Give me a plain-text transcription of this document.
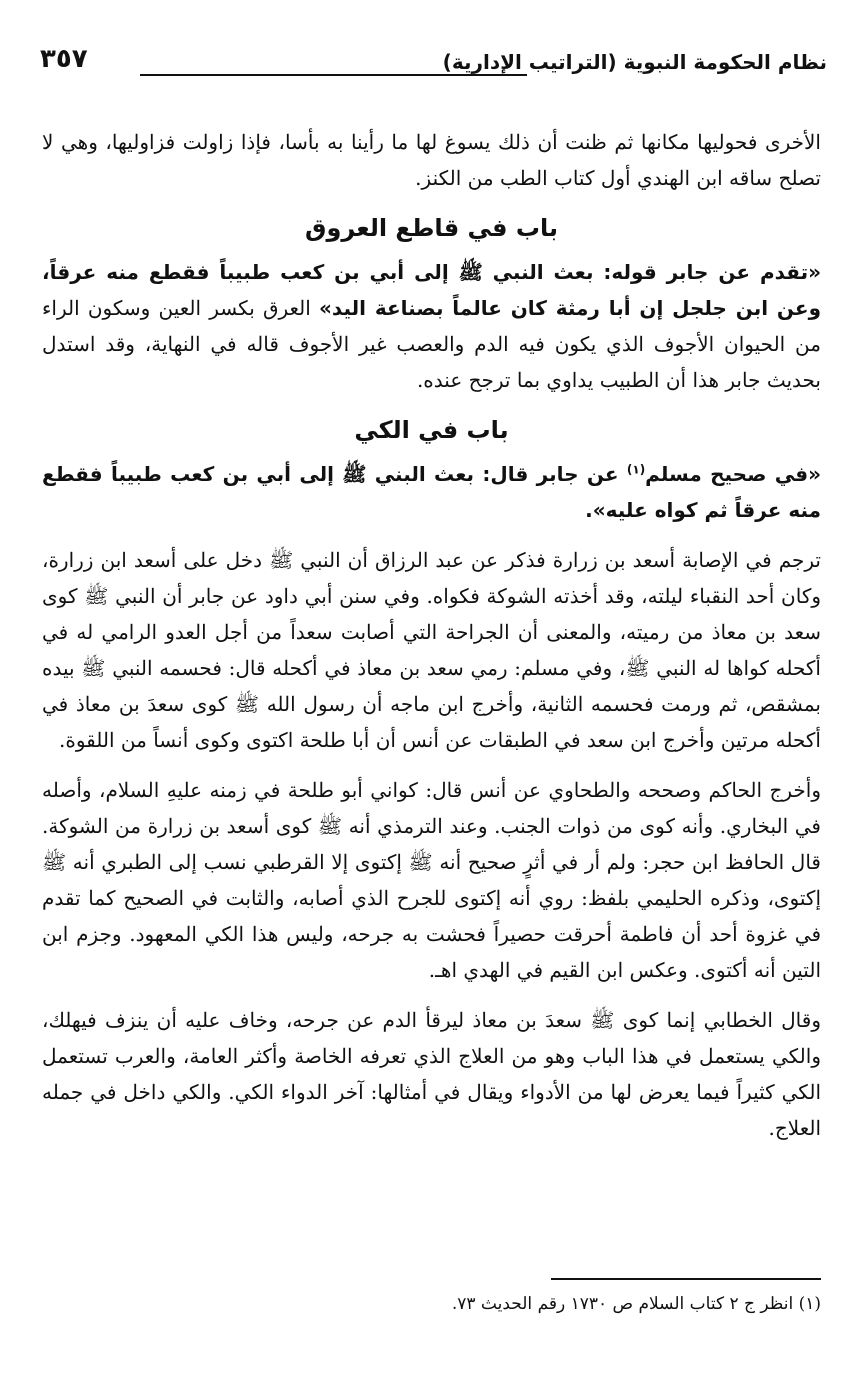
نظام الحكومة النبوية (التراتيب الإدارية)
٣٥٧

الأخرى فحوليها مكانها ثم ظنت أن ذلك يسوغ لها ما رأينا به بأسا، فإذا زاولت فزاوليها، وهي لا تصلح ساقه ابن الهندي أول كتاب الطب من الكنز.

باب في قاطع العروق

«تقدم عن جابر قوله: بعث النبي ﷺ إلى أبي بن كعب طبيباً فقطع منه عرقاً، وعن ابن جلجل إن أبا رمثة كان عالماً بصناعة اليد» العرق بكسر العين وسكون الراء من الحيوان الأجوف الذي يكون فيه الدم والعصب غير الأجوف قاله في النهاية، وقد استدل بحديث جابر هذا أن الطبيب يداوي بما ترجح عنده.

باب في الكي

«في صحيح مسلم$^{(١)}$ عن جابر قال: بعث البني ﷺ إلى أبي بن كعب طبيباً فقطع منه عرقاً ثم كواه عليه».

ترجم في الإصابة أسعد بن زرارة فذكر عن عبد الرزاق أن النبي ﷺ دخل على أسعد ابن زرارة، وكان أحد النقباء ليلته، وقد أخذته الشوكة فكواه. وفي سنن أبي داود عن جابر أن النبي ﷺ كوى سعد بن معاذ من رميته، والمعنى أن الجراحة التي أصابت سعداً من أجل العدو الرامي له في أكحله كواها له النبي ﷺ، وفي مسلم: رمي سعد بن معاذ في أكحله قال: فحسمه النبي ﷺ بيده بمشقص، ثم ورمت فحسمه الثانية، وأخرج ابن ماجه أن رسول الله ﷺ كوى سعدَ بن معاذ في أكحله مرتين وأخرج ابن سعد في الطبقات عن أنس أن أبا طلحة اكتوى وكوى أنساً من اللقوة.

وأخرج الحاكم وصححه والطحاوي عن أنس قال: كواني أبو طلحة في زمنه عليهِ السلام، وأصله في البخاري. وأنه كوى من ذوات الجنب. وعند الترمذي أنه ﷺ كوى أسعد بن زرارة من الشوكة. قال الحافظ ابن حجر: ولم أر في أثرٍ صحيح أنه ﷺ إكتوى إلا القرطبي نسب إلى الطبري أنه ﷺ إكتوى، وذكره الحليمي بلفظ: روي أنه إكتوى للجرح الذي أصابه، والثابت في الصحيح كما تقدم في غزوة أحد أن فاطمة أحرقت حصيراً فحشت به جرحه، وليس هذا الكي المعهود. وجزم ابن التين أنه أكتوى. وعكس ابن القيم في الهدي اهـ.

وقال الخطابي إنما كوى ﷺ سعدَ بن معاذ ليرقأ الدم عن جرحه، وخاف عليه أن ينزف فيهلك، والكي يستعمل في هذا الباب وهو من العلاج الذي تعرفه الخاصة وأكثر العامة، والعرب تستعمل الكي كثيراً فيما يعرض لها من الأدواء ويقال في أمثالها: آخر الدواء الكي. والكي داخل في جمله العلاج.

(١) انظر ج ٢ كتاب السلام ص ١٧٣٠ رقم الحديث ٧٣.
